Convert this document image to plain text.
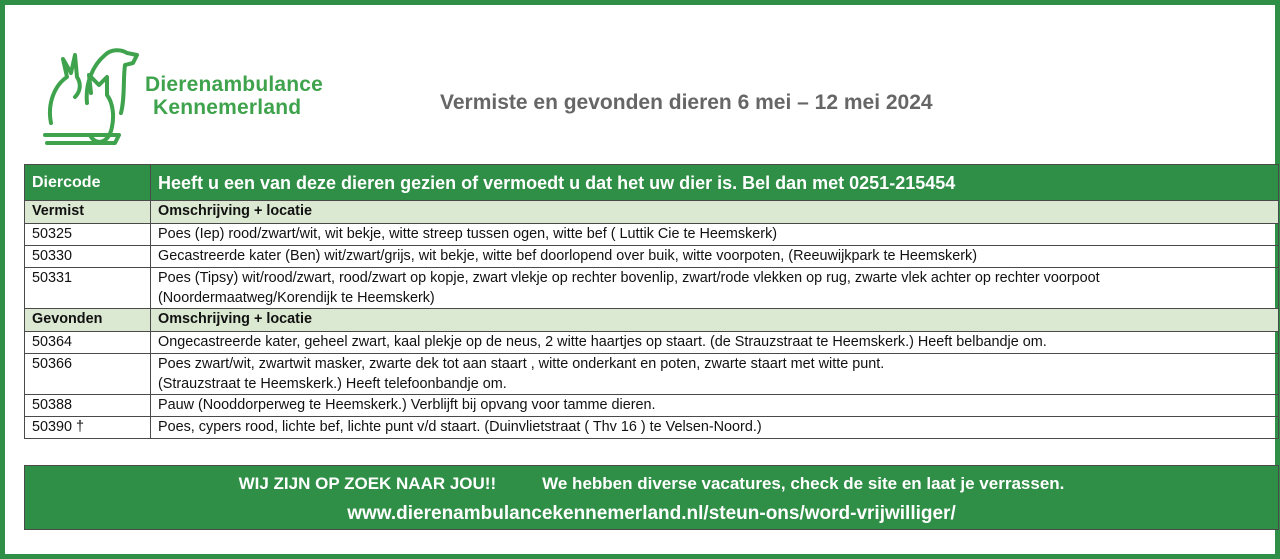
Dierenambulance
Kennemerland	Vermiste en gevonden dieren 6 mei – 12 mei 2024
Diercode	Heeft u een van deze dieren gezien of vermoedt u dat het uw dier is. Bel dan met 0251-215454
Vermist	Omschrijving + locatie
50325	Poes (Iep) rood/zwart/wit, wit bekje, witte streep tussen ogen, witte bef ( Luttik Cie te Heemskerk)
50330	Gecastreerde kater (Ben) wit/zwart/grijs, wit bekje, witte bef doorlopend over buik, witte voorpoten, (Reeuwijkpark te Heemskerk)
50331	Poes (Tipsy) wit/rood/zwart, rood/zwart op kopje, zwart vlekje op rechter bovenlip, zwart/rode vlekken op rug, zwarte vlek achter op rechter voorpoot
(Noordermaatweg/Korendijk te Heemskerk)

Gevonden	Omschrijving + locatie
50364	Ongecastreerde kater, geheel zwart, kaal plekje op de neus, 2 witte haartjes op staart. (de Strauzstraat te Heemskerk.) Heeft belbandje om.
50366	Poes zwart/wit, zwartwit masker, zwarte dek tot aan staart , witte onderkant en poten, zwarte staart met witte punt.
(Strauzstraat te Heemskerk.) Heeft telefoonbandje om.

50388	Pauw (Nooddorperweg te Heemskerk.) Verblijft bij opvang voor tamme dieren.
50390 †	Poes, cypers rood, lichte bef, lichte punt v/d staart. (Duinvlietstraat ( Thv 16 ) te Velsen-Noord.)
WIJ ZIJN OP ZOEK NAAR JOU!!	We hebben diverse vacatures, check de site en laat je verrassen.
www.dierenambulancekennemerland.nl/steun-ons/word-vrijwilliger/
